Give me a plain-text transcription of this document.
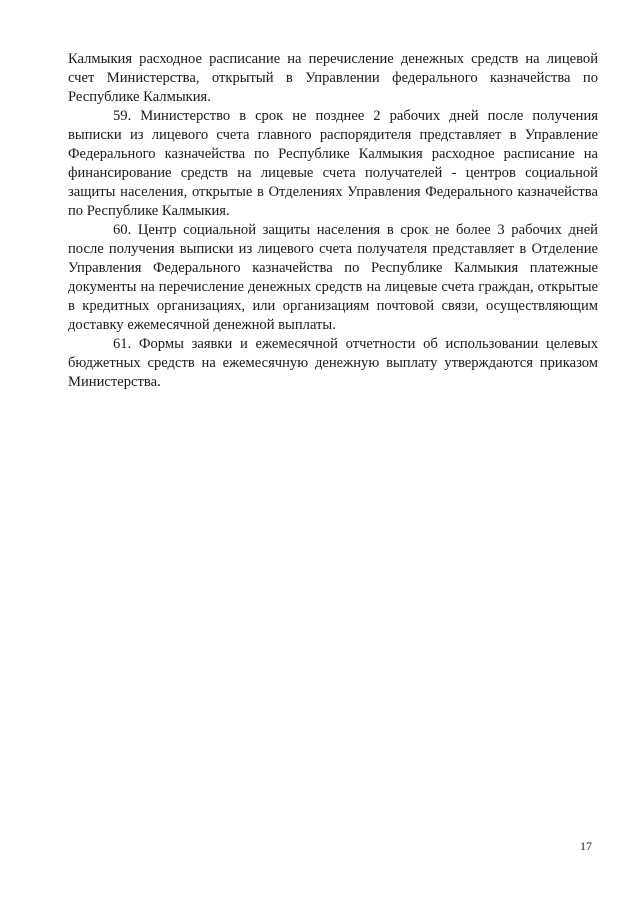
Калмыкия расходное расписание на перечисление денежных средств на лицевой счет Министерства, открытый в Управлении федерального казначейства по Республике Калмыкия.

59. Министерство в срок не позднее 2 рабочих дней после получения выписки из лицевого счета главного распорядителя представляет в Управление Федерального казначейства по Республике Калмыкия расходное расписание на финансирование средств на лицевые счета получателей - центров социальной защиты населения, открытые в Отделениях Управления Федерального казначейства по Республике Калмыкия.

60. Центр социальной защиты населения в срок не более 3 рабочих дней после получения выписки из лицевого счета получателя представляет в Отделение Управления Федерального казначейства по Республике Калмыкия платежные документы на перечисление денежных средств на лицевые счета граждан, открытые в кредитных организациях, или организациям почтовой связи, осуществляющим доставку ежемесячной денежной выплаты.

61. Формы заявки и ежемесячной отчетности об использовании целевых бюджетных средств на ежемесячную денежную выплату утверждаются приказом Министерства.

17
